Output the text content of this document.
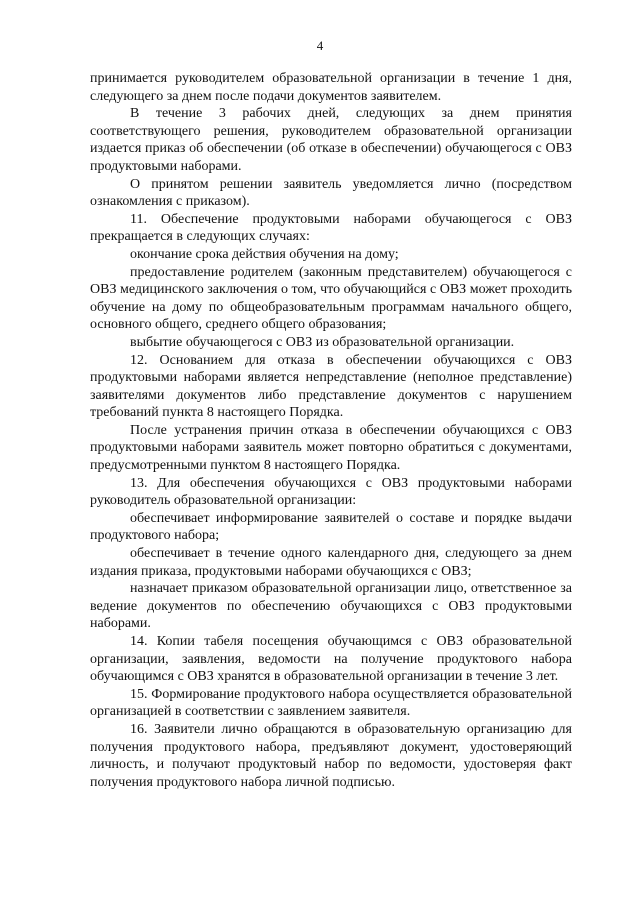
4

принимается руководителем образовательной организации в течение 1 дня, следующего за днем после подачи документов заявителем.

В течение 3 рабочих дней, следующих за днем принятия соответствующего решения, руководителем образовательной организации издается приказ об обеспечении (об отказе в обеспечении) обучающегося с ОВЗ продуктовыми наборами.

О принятом решении заявитель уведомляется лично (посредством ознакомления с приказом).

11. Обеспечение продуктовыми наборами обучающегося с ОВЗ прекращается в следующих случаях:

окончание срока действия обучения на дому;

предоставление родителем (законным представителем) обучающегося с ОВЗ медицинского заключения о том, что обучающийся с ОВЗ может проходить обучение на дому по общеобразовательным программам начального общего, основного общего, среднего общего образования;

выбытие обучающегося с ОВЗ из образовательной организации.

12. Основанием для отказа в обеспечении обучающихся с ОВЗ продуктовыми наборами является непредставление (неполное представление) заявителями документов либо представление документов с нарушением требований пункта 8 настоящего Порядка.

После устранения причин отказа в обеспечении обучающихся с ОВЗ продуктовыми наборами заявитель может повторно обратиться с документами, предусмотренными пунктом 8 настоящего Порядка.

13. Для обеспечения обучающихся с ОВЗ продуктовыми наборами руководитель образовательной организации:

обеспечивает информирование заявителей о составе и порядке выдачи продуктового набора;

обеспечивает в течение одного календарного дня, следующего за днем издания приказа, продуктовыми наборами обучающихся с ОВЗ;

назначает приказом образовательной организации лицо, ответственное за ведение документов по обеспечению обучающихся с ОВЗ продуктовыми наборами.

14. Копии табеля посещения обучающимся с ОВЗ образовательной организации, заявления, ведомости на получение продуктового набора обучающимся с ОВЗ хранятся в образовательной организации в течение 3 лет.

15. Формирование продуктового набора осуществляется образовательной организацией в соответствии с заявлением заявителя.

16. Заявители лично обращаются в образовательную организацию для получения продуктового набора, предъявляют документ, удостоверяющий личность, и получают продуктовый набор по ведомости, удостоверяя факт получения продуктового набора личной подписью.
